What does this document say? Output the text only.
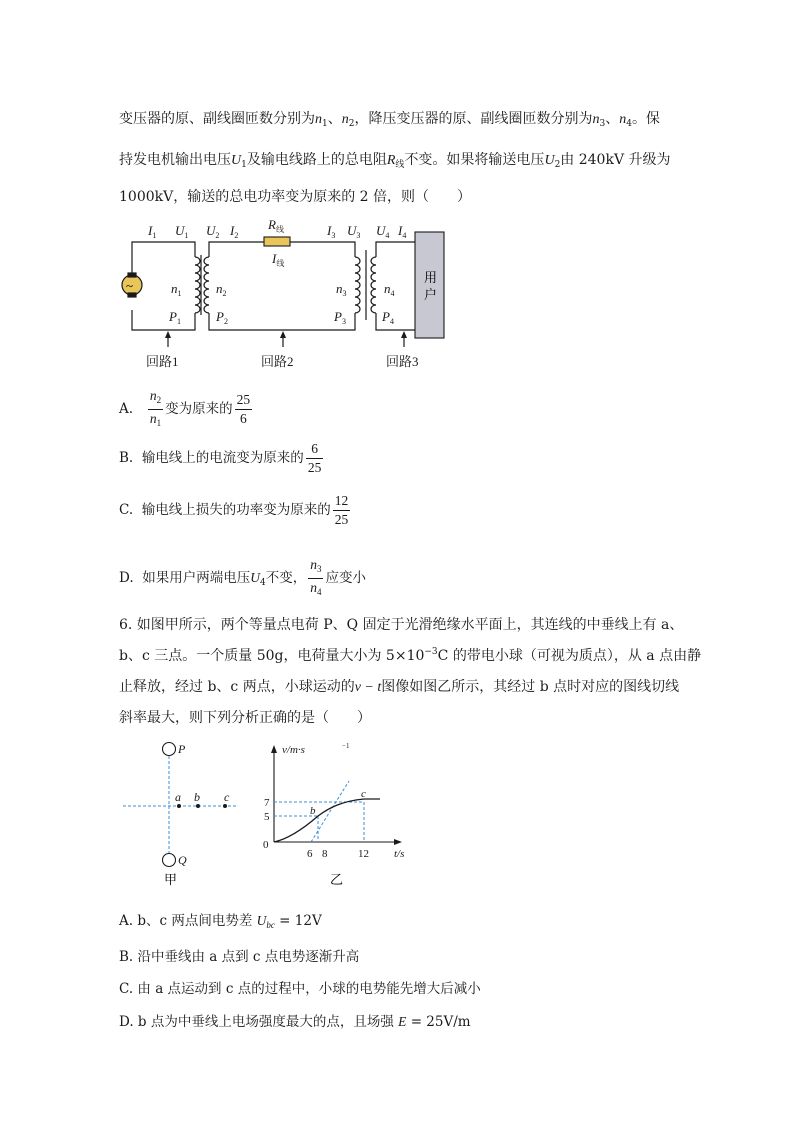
变压器的原、副线圈匝数分别为$n_1$、$n_2$，降压变压器的原、副线圈匝数分别为$n_3$、$n_4$。保
持发电机输出电压$U_1$及输电线路上的总电阻$R_线$不变。如果将输送电压$U_2$由 240kV 升级为
1000kV，输送的总电功率变为原来的 2 倍，则（　　）
用
户
~
$I_1$ $U_1$ $U_2$ $I_2$
$R_线$
$I_线$
$I_3$ $U_3$ $U_4$ $I_4$
$n_1$	$n_2$	$n_3$	$n_4$
$P_1$	$P_2$	$P_3$	$P_4$
回路1	回路2	回路3
A. $\frac{n_2}{n_1}$ 变为原来的 $\frac{25}{6}$
B. 输电线上的电流变为原来的 $\frac{6}{25}$
C. 输电线上损失的功率变为原来的 $\frac{12}{25}$
D. 如果用户两端电压$U_4$不变， $\frac{n_3}{n_4}$ 应变小
6. 如图甲所示，两个等量点电荷 P、Q 固定于光滑绝缘水平面上，其连线的中垂线上有 a、
b、c 三点。一个质量 50g，电荷量大小为 $5\times 10^{-3}C$ 的带电小球（可视为质点），从 a 点由静
止释放，经过 b、c 两点，小球运动的v − t图像如图乙所示，其经过 b 点时对应的图线切线
斜率最大，则下列分析正确的是（　　）
P
Q
a b c
甲
v/m·s	−1
t/s
0
7
5
6 8	12
b
c
乙
A. b、c 两点间电势差 $U_{bc} = 12V$
B. 沿中垂线由 a 点到 c 点电势逐渐升高
C. 由 a 点运动到 c 点的过程中，小球的电势能先增大后减小
D. b 点为中垂线上电场强度最大的点，且场强 E = 25V/m
